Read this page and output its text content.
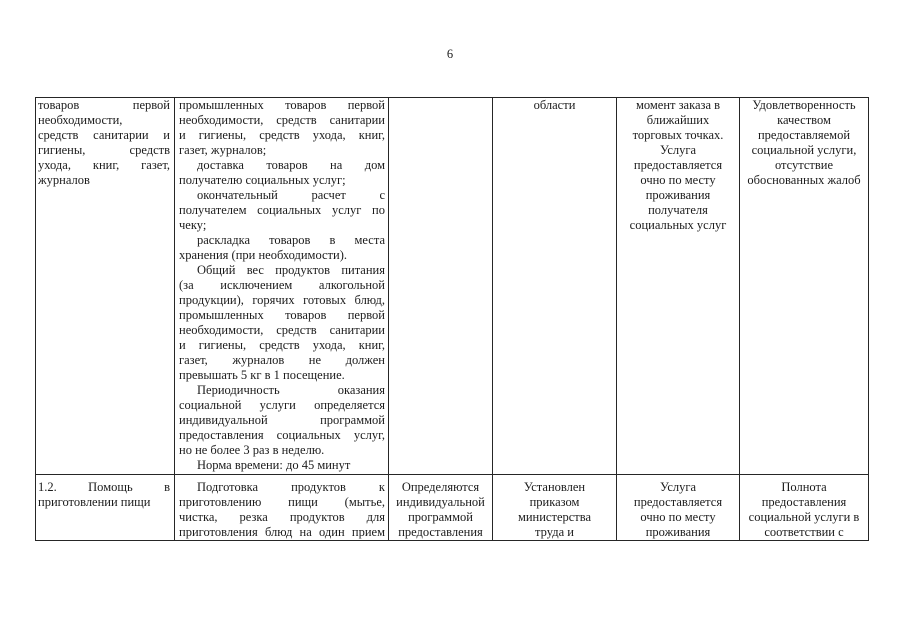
6
товаров первой
необходимости,
средств санитарии и
гигиены, средств
ухода, книг, газет,
журналов
промышленных товаров первой
необходимости, средств санитарии
и гигиены, средств ухода, книг,
газет, журналов;
доставка товаров на дом
получателю социальных услуг;
окончательный расчет с
получателем социальных услуг по
чеку;
раскладка товаров в места
хранения (при необходимости).
Общий вес продуктов питания
(за исключением алкогольной
продукции), горячих готовых блюд,
промышленных товаров первой
необходимости, средств санитарии
и гигиены, средств ухода, книг,
газет, журналов не должен
превышать 5 кг в 1 посещение.
Периодичность оказания
социальной услуги определяется
индивидуальной программой
предоставления социальных услуг,
но не более 3 раз в неделю.
Норма времени: до 45 минут
области	момент заказа в
ближайших
торговых точках.
Услуга
предоставляется
очно по месту
проживания
получателя
социальных услуг
Удовлетворенность
качеством
предоставляемой
социальной услуги,
отсутствие
обоснованных жалоб
1.2. Помощь в
приготовлении пищи
Подготовка продуктов к
приготовлению пищи (мытье,
чистка, резка продуктов для
приготовления блюд на один прием
Определяются
индивидуальной
программой
предоставления
Установлен
приказом
министерства
труда и
Услуга
предоставляется
очно по месту
проживания
Полнота
предоставления
социальной услуги в
соответствии с
